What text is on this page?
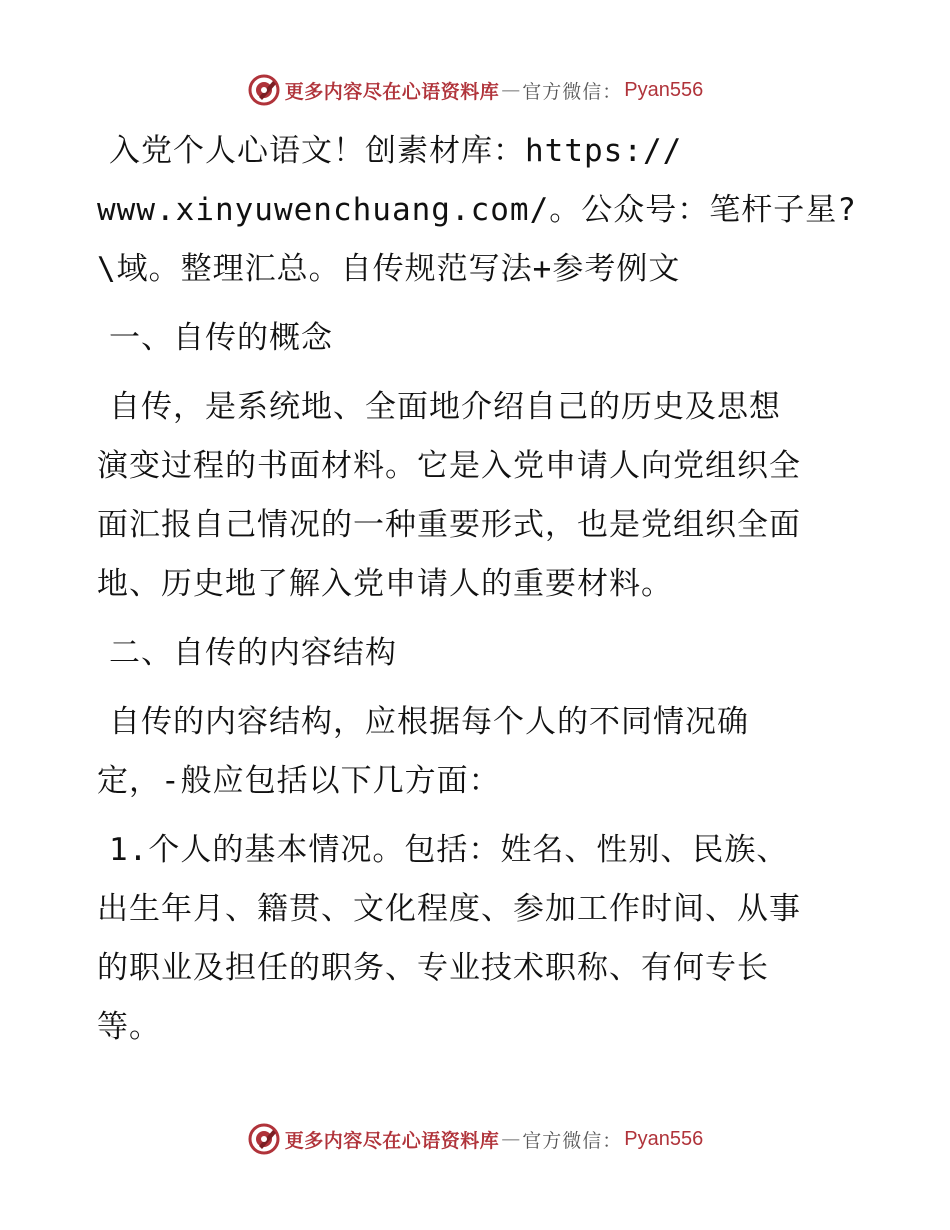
更多内容尽在心语资料库 — 官方微信： Pyan556
入党个人心语文！创素材库：https://
www.xinyuwenchuang.com/。公众号：笔杆子星?
\域。整理汇总。自传规范写法+参考例文
一、自传的概念
自传，是系统地、全面地介绍自己的历史及思想
演变过程的书面材料。它是入党申请人向党组织全
面汇报自己情况的一种重要形式，也是党组织全面
地、历史地了解入党申请人的重要材料。
二、自传的内容结构
自传的内容结构，应根据每个人的不同情况确
定，-般应包括以下几方面：
1.个人的基本情况。包括：姓名、性别、民族、
出生年月、籍贯、文化程度、参加工作时间、从事
的职业及担任的职务、专业技术职称、有何专长
等。
更多内容尽在心语资料库 — 官方微信： Pyan556
